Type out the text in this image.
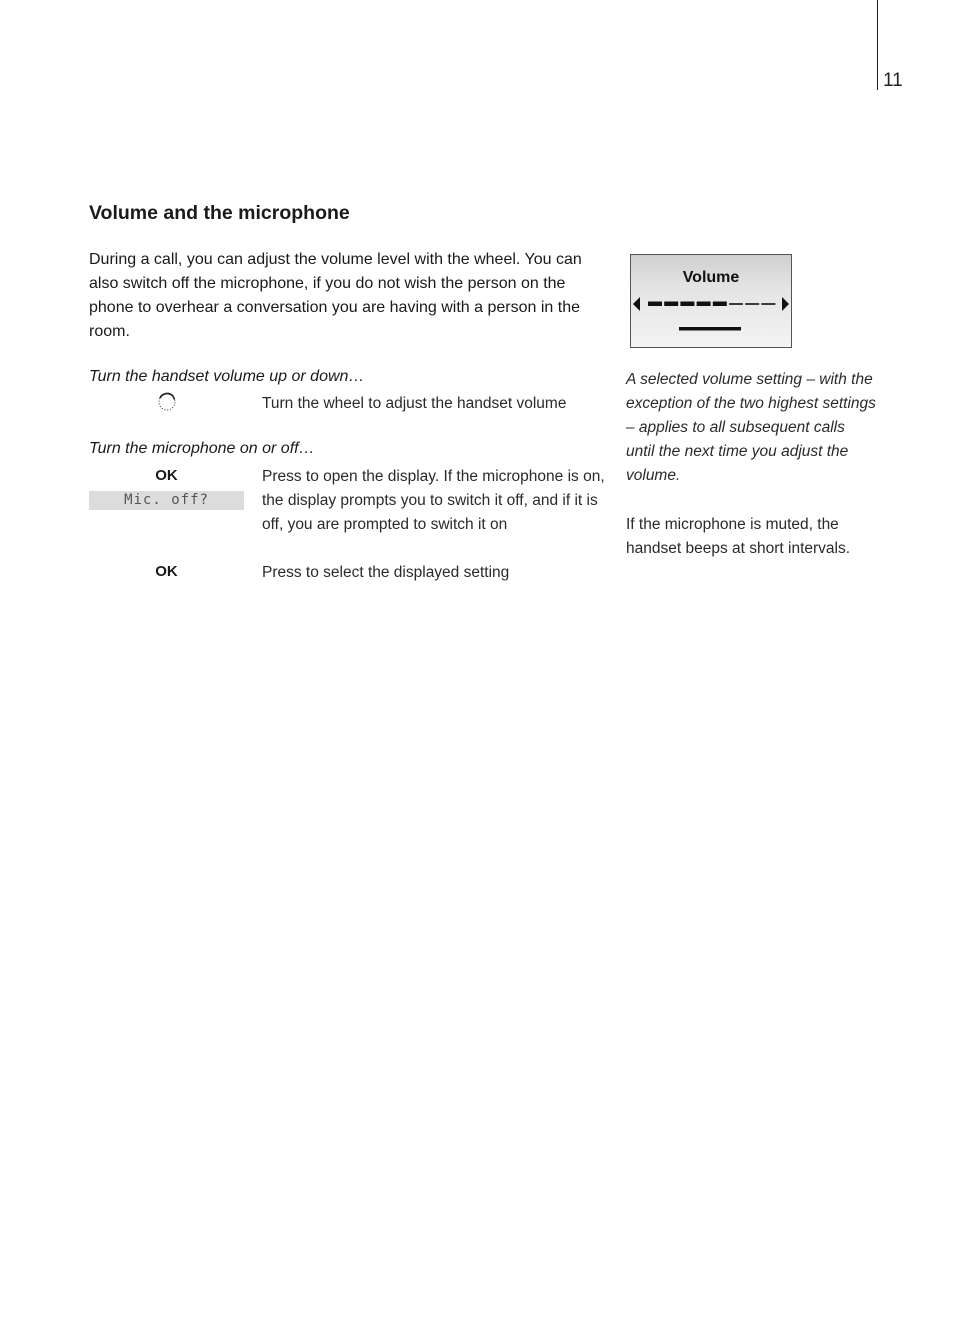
11
Volume and the microphone
During a call, you can adjust the volume level with the wheel. You can also switch off the microphone, if you do not wish the person on the phone to overhear a conversation you are having with a person in the room.
Turn the handset volume up or down…
Turn the wheel to adjust the handset volume
Turn the microphone on or off…
OK	Press to open the display. If the microphone is on, the display prompts you to switch it off, and if it is off, you are prompted to switch it on
Mic. off?
OK	Press to select the displayed setting
Volume
A selected volume setting – with the exception of the two highest settings – applies to all subsequent calls until the next time you adjust the volume.
If the microphone is muted, the handset beeps at short intervals.
